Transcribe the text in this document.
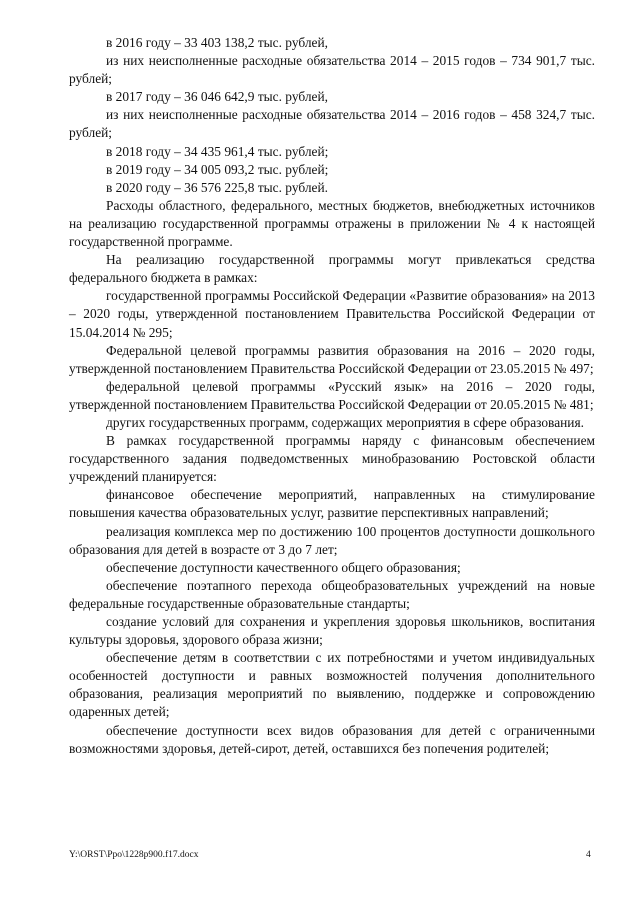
в 2016 году – 33 403 138,2 тыс. рублей,

из них неисполненные расходные обязательства 2014 – 2015 годов – 734 901,7 тыс. рублей;

в 2017 году – 36 046 642,9 тыс. рублей,

из них неисполненные расходные обязательства 2014 – 2016 годов – 458 324,7 тыс. рублей;

в 2018 году – 34 435 961,4 тыс. рублей;

в 2019 году – 34 005 093,2 тыс. рублей;

в 2020 году – 36 576 225,8 тыс. рублей.

Расходы областного, федерального, местных бюджетов, внебюджетных источников на реализацию государственной программы отражены в приложении № 4 к настоящей государственной программе.

На реализацию государственной программы могут привлекаться средства федерального бюджета в рамках:

государственной программы Российской Федерации «Развитие образования» на 2013 – 2020 годы, утвержденной постановлением Правительства Российской Федерации от 15.04.2014 № 295;

Федеральной целевой программы развития образования на 2016 – 2020 годы, утвержденной постановлением Правительства Российской Федерации от 23.05.2015 № 497;

федеральной целевой программы «Русский язык» на 2016 – 2020 годы, утвержденной постановлением Правительства Российской Федерации от 20.05.2015 № 481;

других государственных программ, содержащих мероприятия в сфере образования.

В рамках государственной программы наряду с финансовым обеспечением государственного задания подведомственных минобразованию Ростовской области учреждений планируется:

финансовое обеспечение мероприятий, направленных на стимулирование повышения качества образовательных услуг, развитие перспективных направлений;

реализация комплекса мер по достижению 100 процентов доступности дошкольного образования для детей в возрасте от 3 до 7 лет;

обеспечение доступности качественного общего образования;

обеспечение поэтапного перехода общеобразовательных учреждений на новые федеральные государственные образовательные стандарты;

создание условий для сохранения и укрепления здоровья школьников, воспитания культуры здоровья, здорового образа жизни;

обеспечение детям в соответствии с их потребностями и учетом индивидуальных особенностей доступности и равных возможностей получения дополнительного образования, реализация мероприятий по выявлению, поддержке и сопровождению одаренных детей;

обеспечение доступности всех видов образования для детей с ограниченными возможностями здоровья, детей-сирот, детей, оставшихся без попечения родителей;

Y:\ORST\Ppo\1228p900.f17.docx	4
